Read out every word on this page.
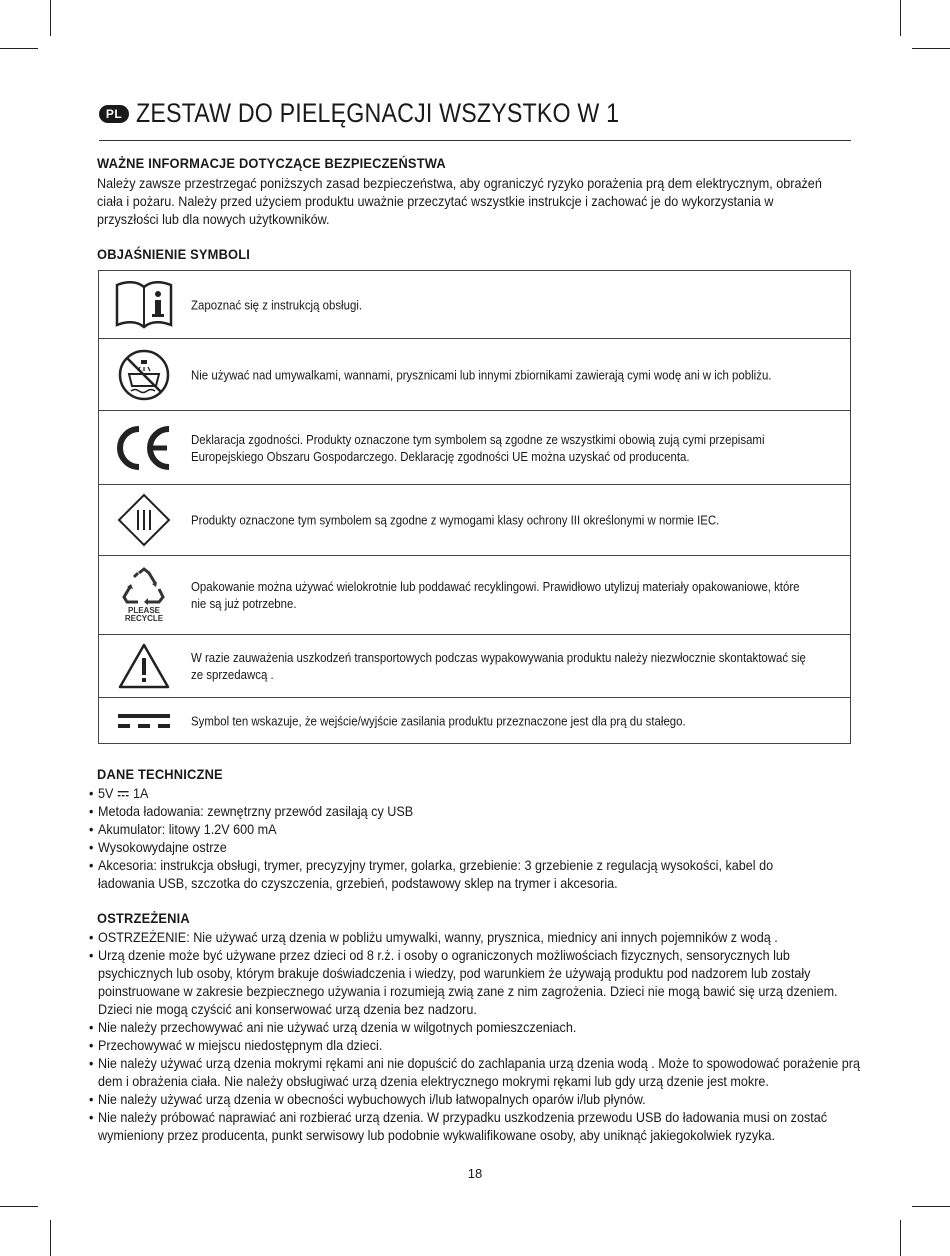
PL ZESTAW DO PIELĘGNACJI WSZYSTKO W 1
WAŻNE INFORMACJE DOTYCZĄCE BEZPIECZEŃSTWA
Należy zawsze przestrzegać poniższych zasad bezpieczeństwa, aby ograniczyć ryzyko porażenia prą dem elektrycznym, obrażeń ciała i pożaru. Należy przed użyciem produktu uważnie przeczytać wszystkie instrukcje i zachować je do wykorzystania w przyszłości lub dla nowych użytkowników.
OBJAŚNIENIE SYMBOLI
Zapoznać się z instrukcją obsługi.
Nie używać nad umywalkami, wannami, prysznicami lub innymi zbiornikami zawierają cymi wodę ani w ich pobliżu.
Deklaracja zgodności. Produkty oznaczone tym symbolem są zgodne ze wszystkimi obowią zują cymi przepisami Europejskiego Obszaru Gospodarczego. Deklarację zgodności UE można uzyskać od producenta.
Produkty oznaczone tym symbolem są zgodne z wymogami klasy ochrony III określonymi w normie IEC.
PLEASE
RECYCLE
Opakowanie można używać wielokrotnie lub poddawać recyklingowi. Prawidłowo utylizuj materiały opakowaniowe, które nie są już potrzebne.
W razie zauważenia uszkodzeń transportowych podczas wypakowywania produktu należy niezwłocznie skontaktować się ze sprzedawcą .
Symbol ten wskazuje, że wejście/wyjście zasilania produktu przeznaczone jest dla prą du stałego.
DANE TECHNICZNE
• 5V 1A
• Metoda ładowania: zewnętrzny przewód zasilają cy USB
• Akumulator: litowy 1.2V 600 mA
• Wysokowydajne ostrze
• Akcesoria: instrukcja obsługi, trymer, precyzyjny trymer, golarka, grzebienie: 3 grzebienie z regulacją wysokości, kabel do ładowania USB, szczotka do czyszczenia, grzebień, podstawowy sklep na trymer i akcesoria.
OSTRZEŻENIA
• OSTRZEŻENIE: Nie używać urzą dzenia w pobliżu umywalki, wanny, prysznica, miednicy ani innych pojemników z wodą .
• Urzą dzenie może być używane przez dzieci od 8 r.ż. i osoby o ograniczonych możliwościach fizycznych, sensorycznych lub psychicznych lub osoby, którym brakuje doświadczenia i wiedzy, pod warunkiem że używają produktu pod nadzorem lub zostały poinstruowane w zakresie bezpiecznego używania i rozumieją zwią zane z nim zagrożenia. Dzieci nie mogą bawić się urzą dzeniem. Dzieci nie mogą czyścić ani konserwować urzą dzenia bez nadzoru.
• Nie należy przechowywać ani nie używać urzą dzenia w wilgotnych pomieszczeniach.
• Przechowywać w miejscu niedostępnym dla dzieci.
• Nie należy używać urzą dzenia mokrymi rękami ani nie dopuścić do zachlapania urzą dzenia wodą . Może to spowodować porażenie prą dem i obrażenia ciała. Nie należy obsługiwać urzą dzenia elektrycznego mokrymi rękami lub gdy urzą dzenie jest mokre.
• Nie należy używać urzą dzenia w obecności wybuchowych i/lub łatwopalnych oparów i/lub płynów.
• Nie należy próbować naprawiać ani rozbierać urzą dzenia. W przypadku uszkodzenia przewodu USB do ładowania musi on zostać wymieniony przez producenta, punkt serwisowy lub podobnie wykwalifikowane osoby, aby uniknąć jakiegokolwiek ryzyka.
18
